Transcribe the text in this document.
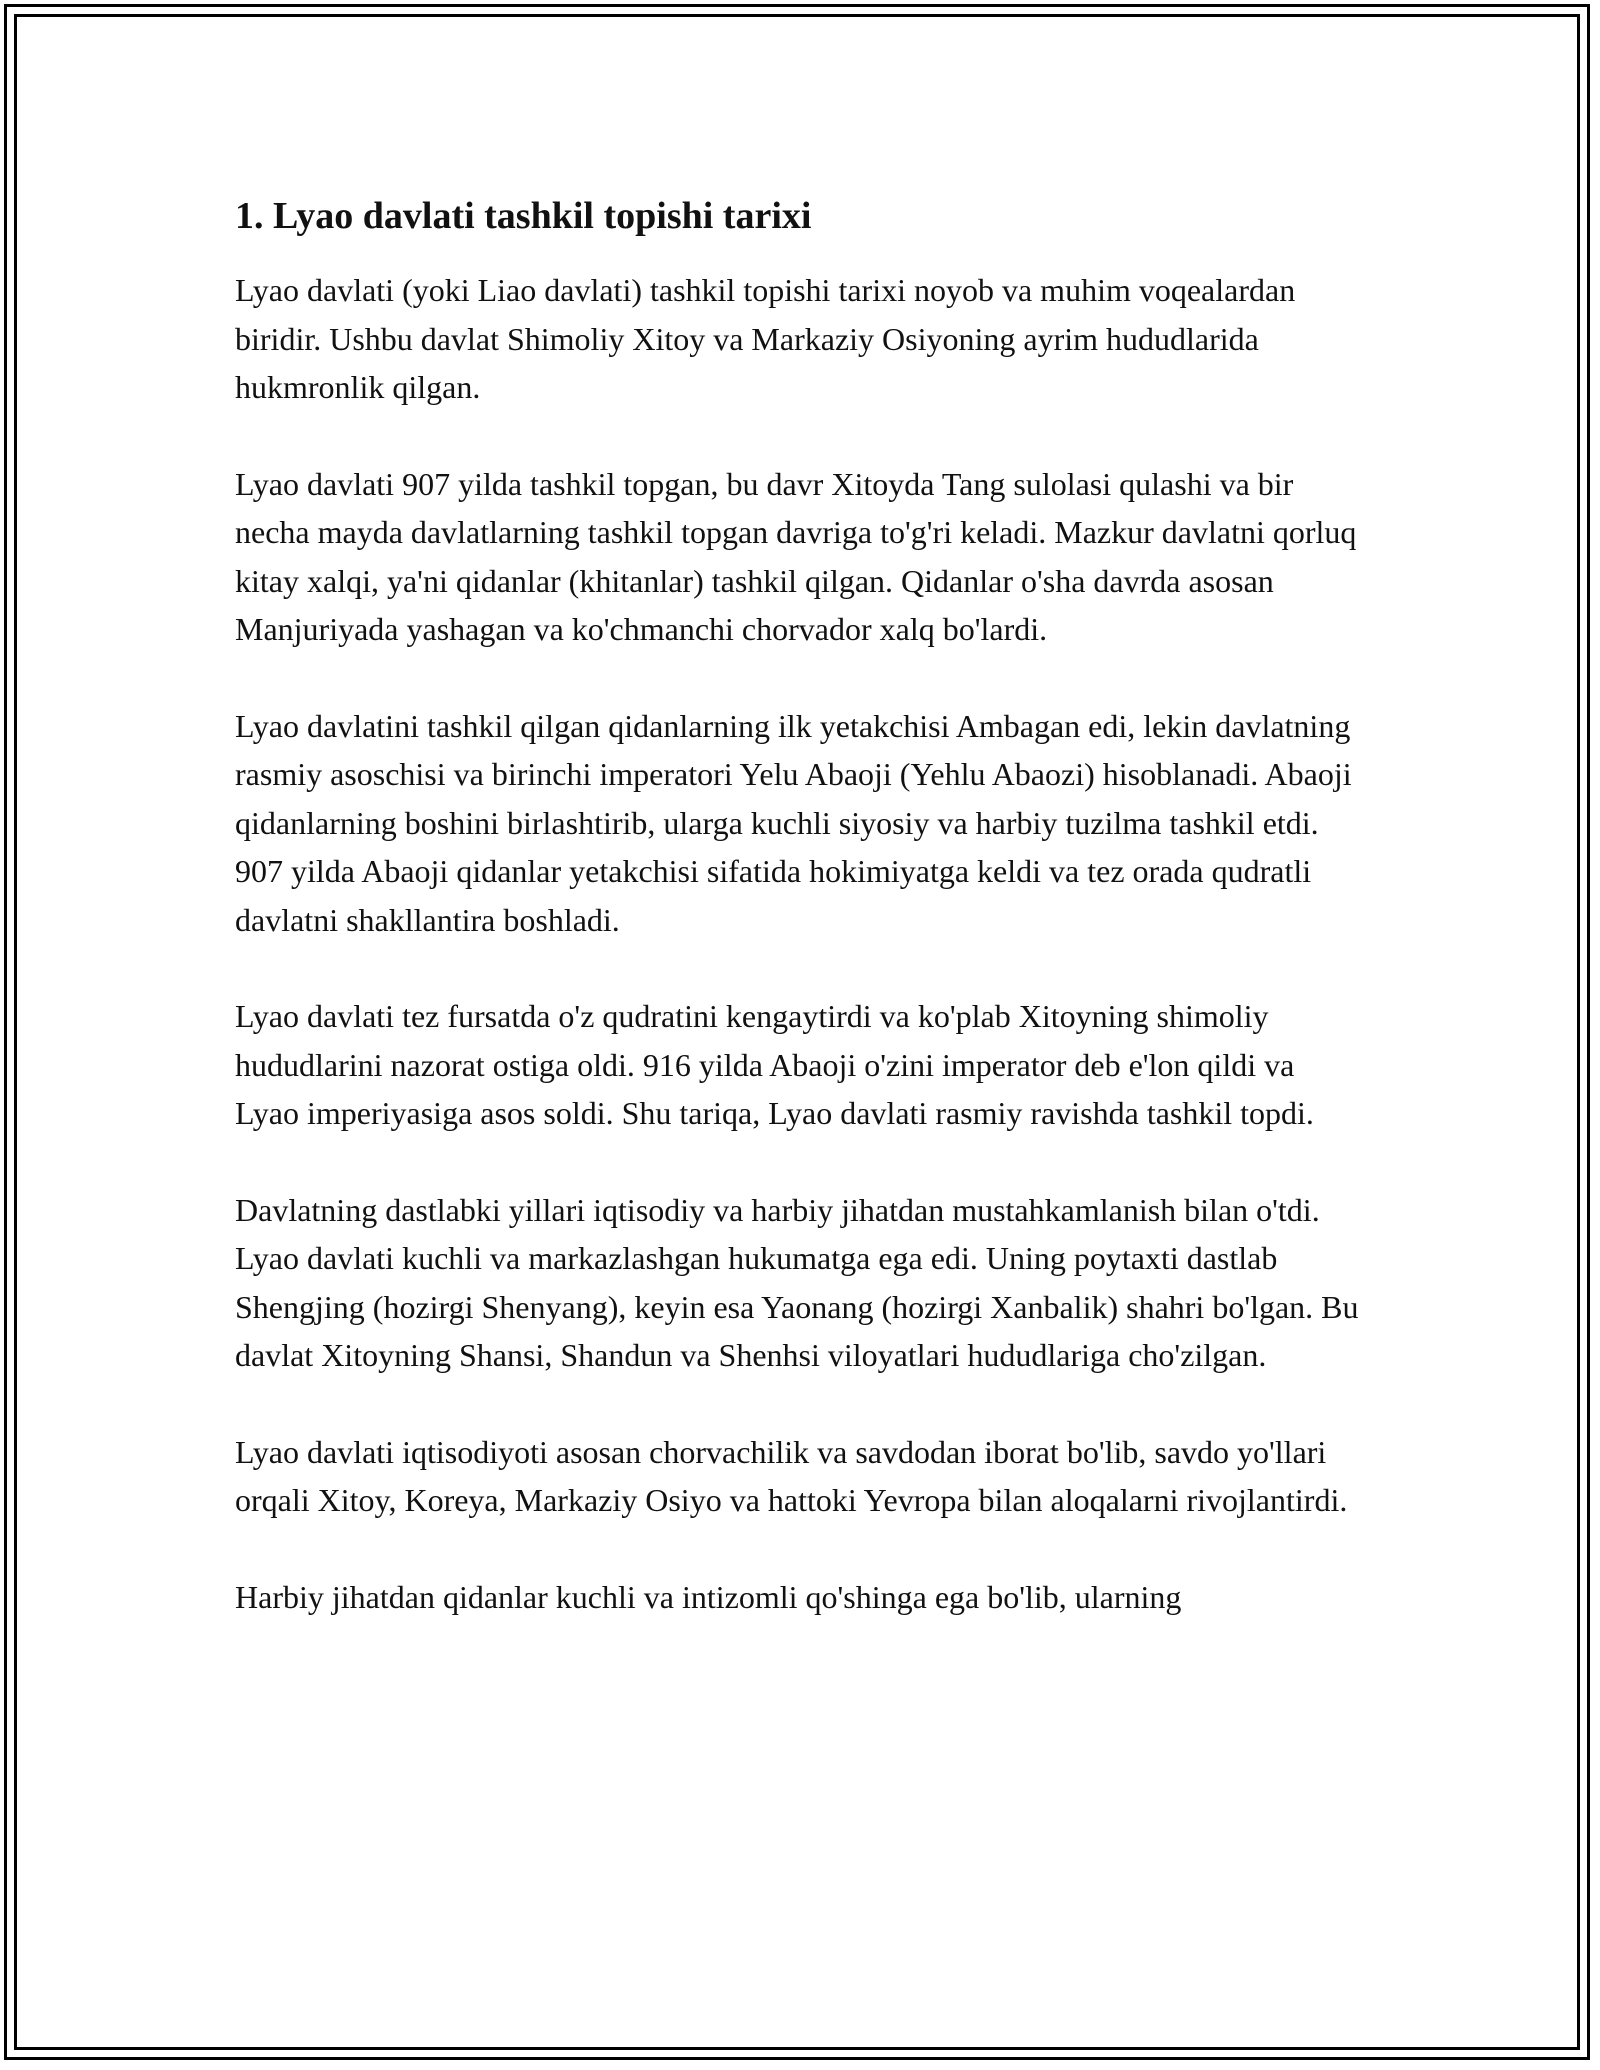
1. Lyao davlati tashkil topishi tarixi

Lyao davlati (yoki Liao davlati) tashkil topishi tarixi noyob va muhim voqealardan biridir. Ushbu davlat Shimoliy Xitoy va Markaziy Osiyoning ayrim hududlarida hukmronlik qilgan.

Lyao davlati 907 yilda tashkil topgan, bu davr Xitoyda Tang sulolasi qulashi va bir necha mayda davlatlarning tashkil topgan davriga to'g'ri keladi. Mazkur davlatni qorluq kitay xalqi, ya'ni qidanlar (khitanlar) tashkil qilgan. Qidanlar o'sha davrda asosan Manjuriyada yashagan va ko'chmanchi chorvador xalq bo'lardi.

Lyao davlatini tashkil qilgan qidanlarning ilk yetakchisi Ambagan edi, lekin davlatning rasmiy asoschisi va birinchi imperatori Yelu Abaoji (Yehlu Abaozi) hisoblanadi. Abaoji qidanlarning boshini birlashtirib, ularga kuchli siyosiy va harbiy tuzilma tashkil etdi. 907 yilda Abaoji qidanlar yetakchisi sifatida hokimiyatga keldi va tez orada qudratli davlatni shakllantira boshladi.

Lyao davlati tez fursatda o'z qudratini kengaytirdi va ko'plab Xitoyning shimoliy hududlarini nazorat ostiga oldi. 916 yilda Abaoji o'zini imperator deb e'lon qildi va Lyao imperiyasiga asos soldi. Shu tariqa, Lyao davlati rasmiy ravishda tashkil topdi.

Davlatning dastlabki yillari iqtisodiy va harbiy jihatdan mustahkamlanish bilan o'tdi. Lyao davlati kuchli va markazlashgan hukumatga ega edi. Uning poytaxti dastlab Shengjing (hozirgi Shenyang), keyin esa Yaonang (hozirgi Xanbalik) shahri bo'lgan. Bu davlat Xitoyning Shansi, Shandun va Shenhsi viloyatlari hududlariga cho'zilgan.

Lyao davlati iqtisodiyoti asosan chorvachilik va savdodan iborat bo'lib, savdo yo'llari orqali Xitoy, Koreya, Markaziy Osiyo va hattoki Yevropa bilan aloqalarni rivojlantirdi.

Harbiy jihatdan qidanlar kuchli va intizomli qo'shinga ega bo'lib, ularning
